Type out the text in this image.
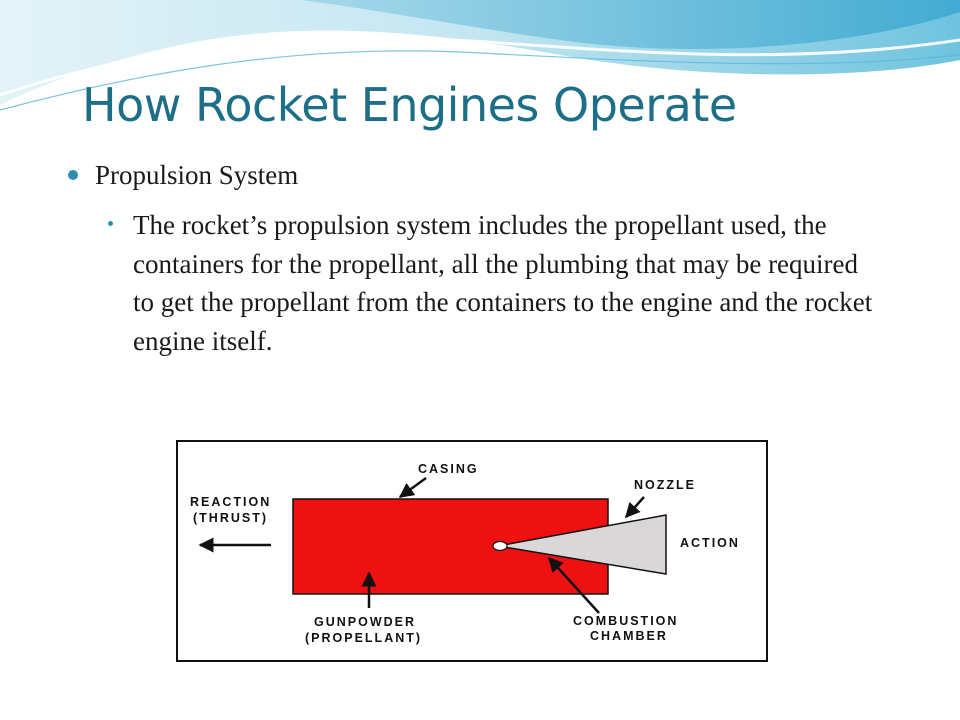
How Rocket Engines Operate
Propulsion System
The rocket’s propulsion system includes the propellant used, the containers for the propellant, all the plumbing that may be required to get the propellant from the containers to the engine and the rocket engine itself.
CASING
NOZZLE
REACTION
(THRUST)
ACTION
GUNPOWDER
(PROPELLANT)
COMBUSTION
CHAMBER
